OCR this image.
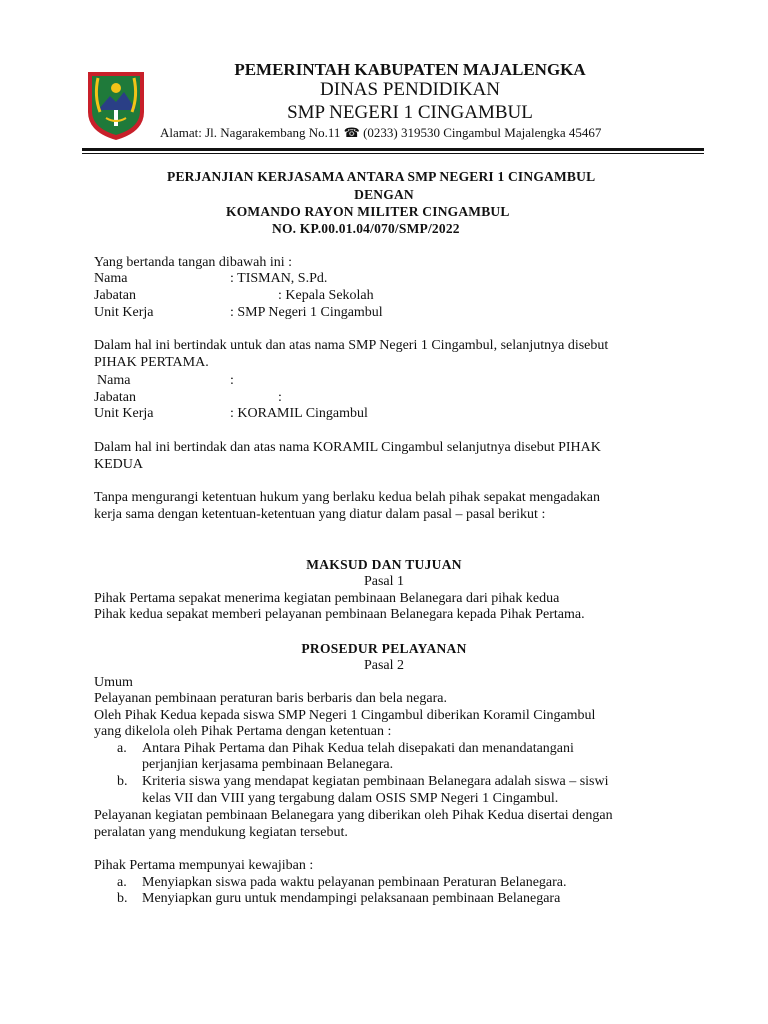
PEMERINTAH KABUPATEN MAJALENGKA
DINAS PENDIDIKAN
SMP NEGERI 1 CINGAMBUL
Alamat: Jl. Nagarakembang No.11 ☎ (0233) 319530 Cingambul Majalengka 45467
PERJANJIAN KERJASAMA ANTARA SMP NEGERI 1 CINGAMBUL
DENGAN
KOMANDO RAYON MILITER CINGAMBUL
NO. KP.00.01.04/070/SMP/2022
Yang bertanda tangan dibawah ini :
Nama	: TISMAN, S.Pd.
Jabatan	: Kepala Sekolah
Unit Kerja	: SMP Negeri 1 Cingambul
Dalam hal ini bertindak untuk dan atas nama SMP Negeri 1 Cingambul, selanjutnya disebut
PIHAK PERTAMA.
Nama	:
Jabatan	:
Unit Kerja	: KORAMIL Cingambul
Dalam hal ini bertindak dan atas nama KORAMIL Cingambul selanjutnya disebut PIHAK
KEDUA
Tanpa mengurangi ketentuan hukum yang berlaku kedua belah pihak sepakat mengadakan
kerja sama dengan ketentuan-ketentuan yang diatur dalam pasal – pasal berikut :
MAKSUD DAN TUJUAN
Pasal 1
Pihak Pertama sepakat menerima kegiatan pembinaan Belanegara dari pihak kedua
Pihak kedua sepakat memberi pelayanan pembinaan Belanegara kepada Pihak Pertama.
PROSEDUR PELAYANAN
Pasal 2
Umum
Pelayanan pembinaan peraturan baris berbaris dan bela negara.
Oleh Pihak Kedua kepada siswa SMP Negeri 1 Cingambul diberikan Koramil Cingambul
yang dikelola oleh Pihak Pertama dengan ketentuan :
a. Antara Pihak Pertama dan Pihak Kedua telah disepakati dan menandatangani
perjanjian kerjasama pembinaan Belanegara.
b. Kriteria siswa yang mendapat kegiatan pembinaan Belanegara adalah siswa – siswi
kelas VII dan VIII yang tergabung dalam OSIS SMP Negeri 1 Cingambul.
Pelayanan kegiatan pembinaan Belanegara yang diberikan oleh Pihak Kedua disertai dengan
peralatan yang mendukung kegiatan tersebut.
Pihak Pertama mempunyai kewajiban :
a. Menyiapkan siswa pada waktu pelayanan pembinaan Peraturan Belanegara.
b. Menyiapkan guru untuk mendampingi pelaksanaan pembinaan Belanegara
